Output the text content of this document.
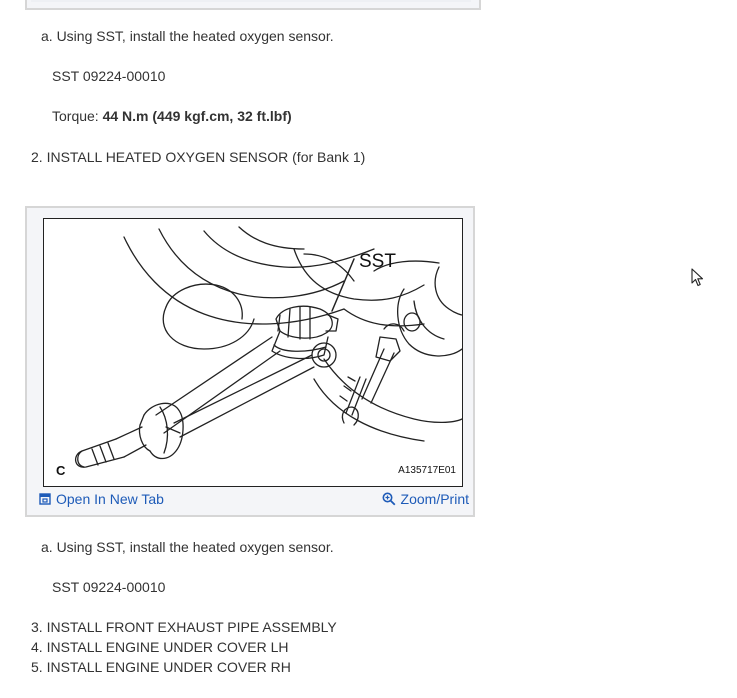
a. Using SST, install the heated oxygen sensor.
SST 09224-00010
Torque: 44 N.m (449 kgf.cm, 32 ft.lbf)
2. INSTALL HEATED OXYGEN SENSOR (for Bank 1)
SST
C	A135717E01
Open In New Tab	Zoom/Print
a. Using SST, install the heated oxygen sensor.
SST 09224-00010
3. INSTALL FRONT EXHAUST PIPE ASSEMBLY
4. INSTALL ENGINE UNDER COVER LH
5. INSTALL ENGINE UNDER COVER RH
